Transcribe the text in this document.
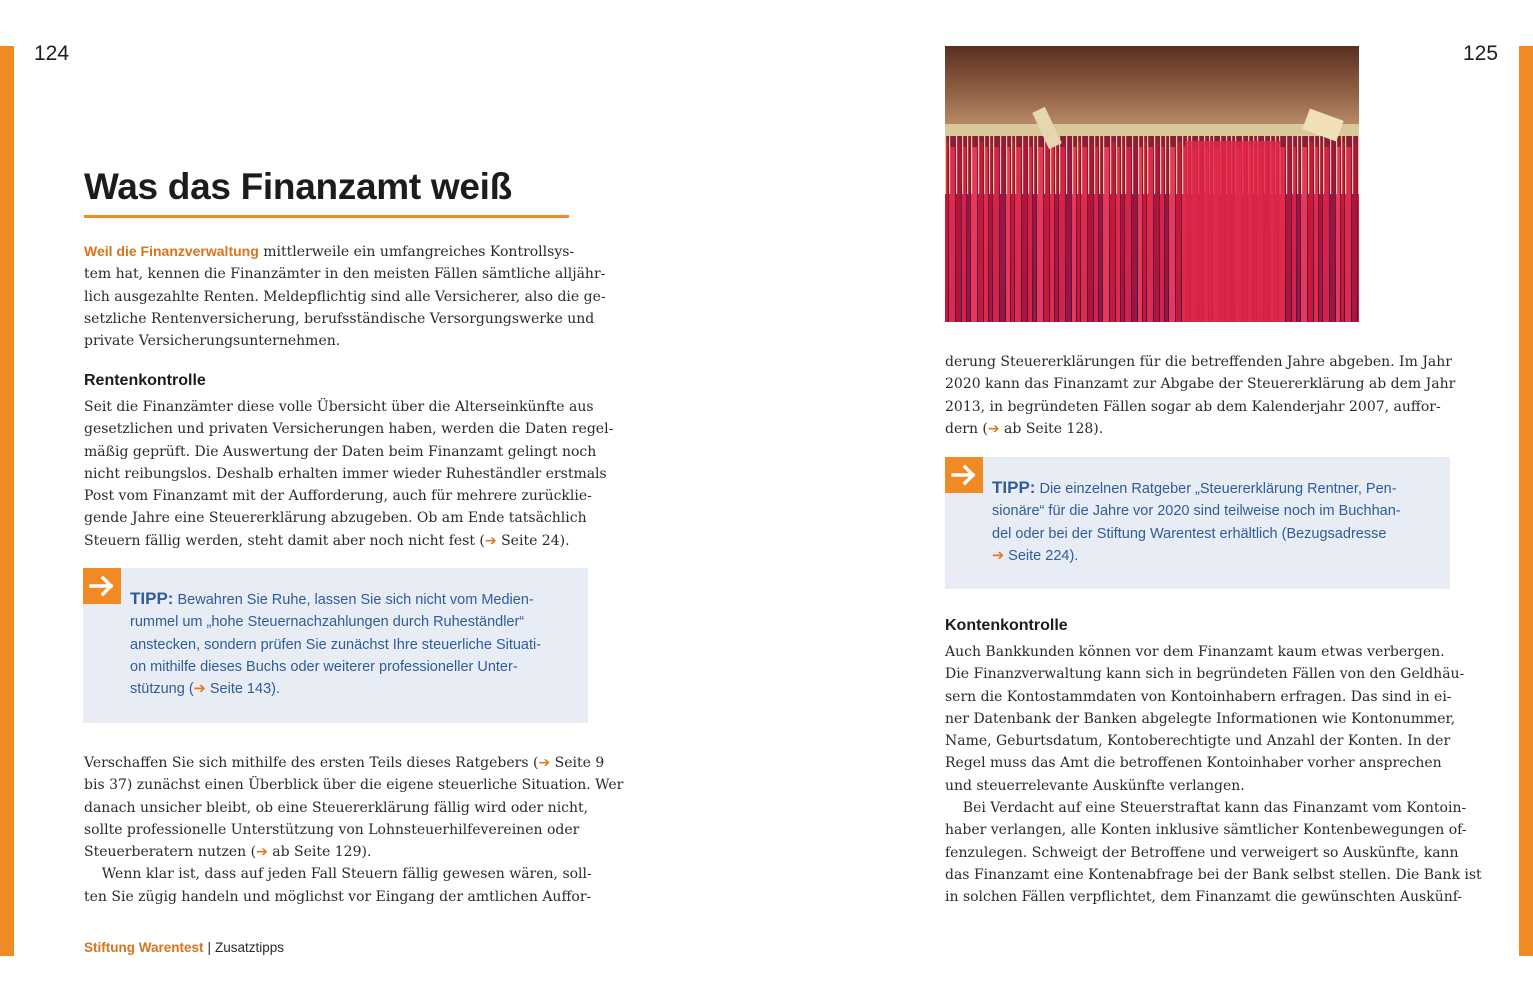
124	125
Was das Finanzamt weiß
Weil die Finanzverwaltung mittlerweile ein umfangreiches Kontrollsys-
tem hat, kennen die Finanzämter in den meisten Fällen sämtliche alljähr-
lich ausgezahlte Renten. Meldepflichtig sind alle Versicherer, also die ge-
setzliche Rentenversicherung, berufsständische Versorgungswerke und
private Versicherungsunternehmen.
Rentenkontrolle
Seit die Finanzämter diese volle Übersicht über die Alterseinkünfte aus
gesetzlichen und privaten Versicherungen haben, werden die Daten regel-
mäßig geprüft. Die Auswertung der Daten beim Finanzamt gelingt noch
nicht reibungslos. Deshalb erhalten immer wieder Ruheständler erstmals
Post vom Finanzamt mit der Aufforderung, auch für mehrere zurücklie-
gende Jahre eine Steuererklärung abzugeben. Ob am Ende tatsächlich
Steuern fällig werden, steht damit aber noch nicht fest (➔ Seite 24).
TIPP: Bewahren Sie Ruhe, lassen Sie sich nicht vom Medien-
rummel um „hohe Steuernachzahlungen durch Ruheständler“
anstecken, sondern prüfen Sie zunächst Ihre steuerliche Situati-
on mithilfe dieses Buchs oder weiterer professioneller Unter-
stützung (➔ Seite 143).
Verschaffen Sie sich mithilfe des ersten Teils dieses Ratgebers (➔ Seite 9
bis 37) zunächst einen Überblick über die eigene steuerliche Situation. Wer
danach unsicher bleibt, ob eine Steuererklärung fällig wird oder nicht,
sollte professionelle Unterstützung von Lohnsteuerhilfevereinen oder
Steuerberatern nutzen (➔ ab Seite 129).
Wenn klar ist, dass auf jeden Fall Steuern fällig gewesen wären, soll-
ten Sie zügig handeln und möglichst vor Eingang der amtlichen Auffor-
Stiftung Warentest | Zusatztipps
derung Steuererklärungen für die betreffenden Jahre abgeben. Im Jahr
2020 kann das Finanzamt zur Abgabe der Steuererklärung ab dem Jahr
2013, in begründeten Fällen sogar ab dem Kalenderjahr 2007, auffor-
dern (➔ ab Seite 128).
TIPP: Die einzelnen Ratgeber „Steuererklärung Rentner, Pen-
sionäre“ für die Jahre vor 2020 sind teilweise noch im Buchhan-
del oder bei der Stiftung Warentest erhältlich (Bezugsadresse
➔ Seite 224).
Kontenkontrolle
Auch Bankkunden können vor dem Finanzamt kaum etwas verbergen.
Die Finanzverwaltung kann sich in begründeten Fällen von den Geldhäu-
sern die Kontostammdaten von Kontoinhabern erfragen. Das sind in ei-
ner Datenbank der Banken abgelegte Informationen wie Kontonummer,
Name, Geburtsdatum, Kontoberechtigte und Anzahl der Konten. In der
Regel muss das Amt die betroffenen Kontoinhaber vorher ansprechen
und steuerrelevante Auskünfte verlangen.
Bei Verdacht auf eine Steuerstraftat kann das Finanzamt vom Kontoin-
haber verlangen, alle Konten inklusive sämtlicher Kontenbewegungen of-
fenzulegen. Schweigt der Betroffene und verweigert so Auskünfte, kann
das Finanzamt eine Kontenabfrage bei der Bank selbst stellen. Die Bank ist
in solchen Fällen verpflichtet, dem Finanzamt die gewünschten Auskünf-
